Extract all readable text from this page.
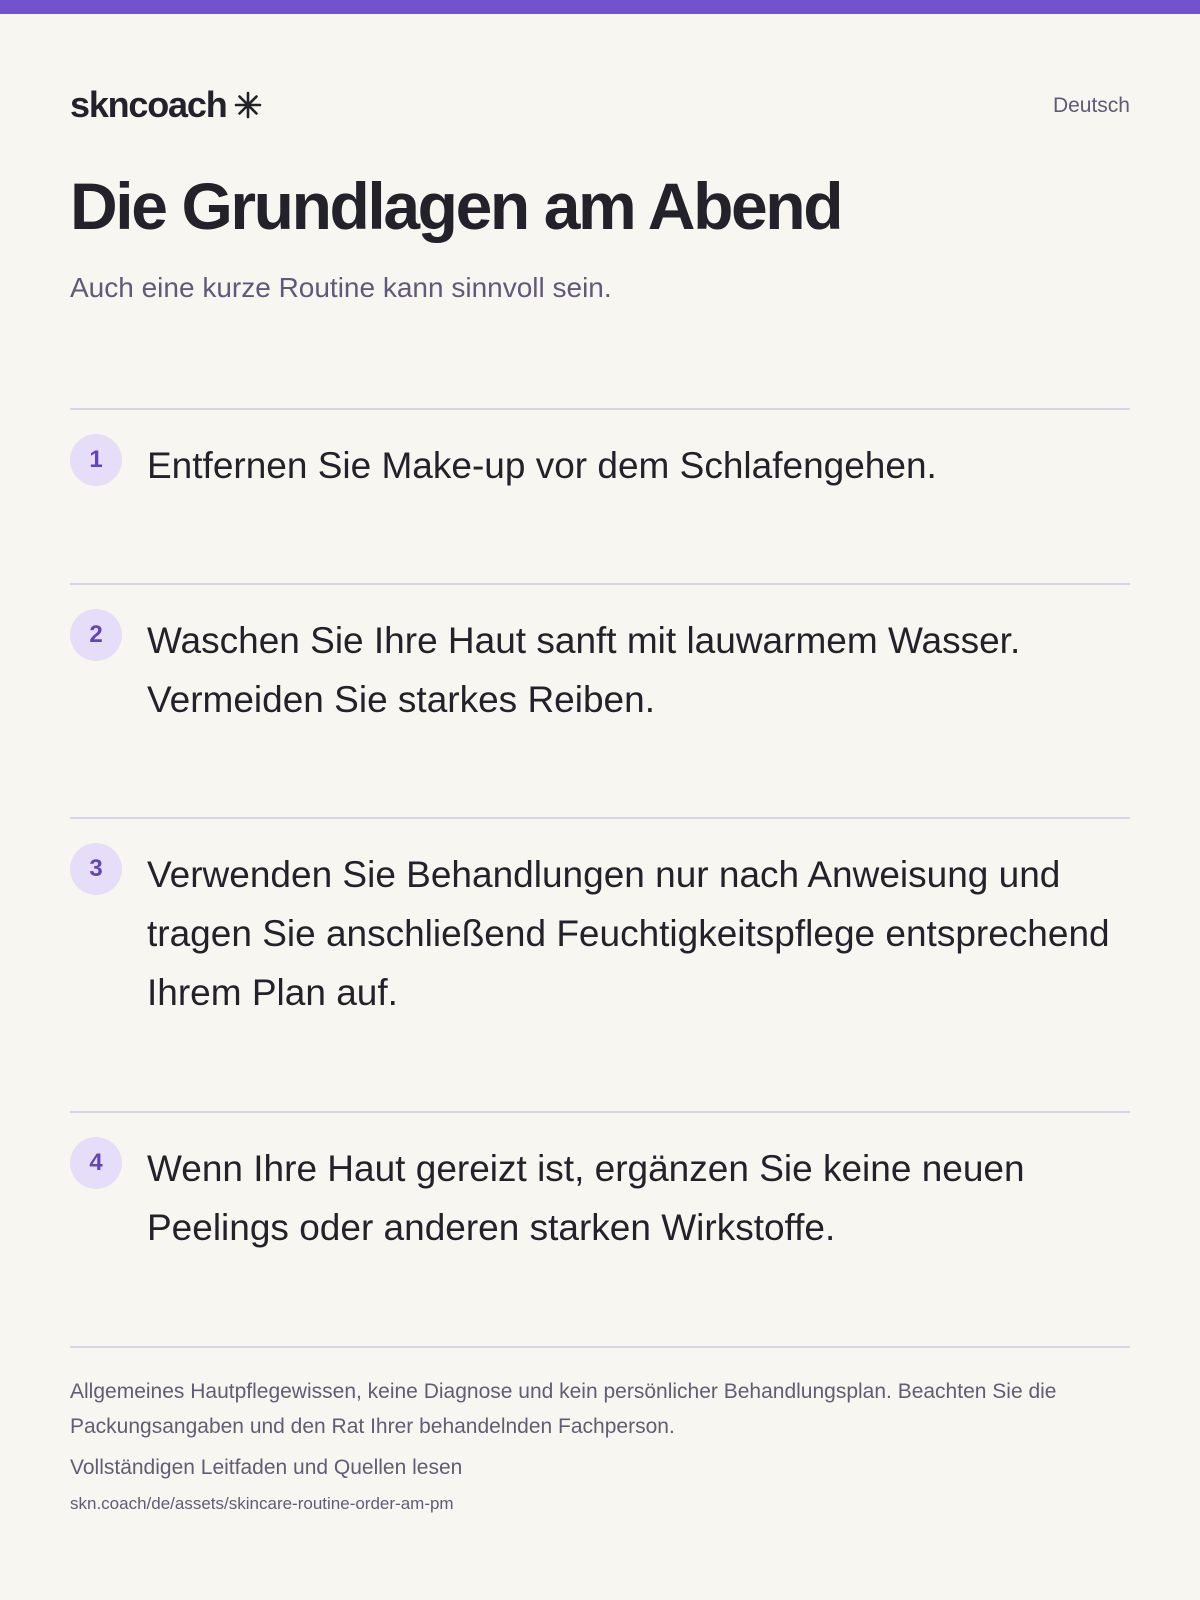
skncoach	Deutsch
Die Grundlagen am Abend

Auch eine kurze Routine kann sinnvoll sein.

1	Entfernen Sie Make-up vor dem Schlafengehen.

2	Waschen Sie Ihre Haut sanft mit lauwarmem Wasser. Vermeiden Sie starkes Reiben.

3	Verwenden Sie Behandlungen nur nach Anweisung und tragen Sie anschließend Feuchtigkeitspflege entsprechend Ihrem Plan auf.

4	Wenn Ihre Haut gereizt ist, ergänzen Sie keine neuen Peelings oder anderen starken Wirkstoffe.

Allgemeines Hautpflegewissen, keine Diagnose und kein persönlicher Behandlungsplan. Beachten Sie die Packungsangaben und den Rat Ihrer behandelnden Fachperson.

Vollständigen Leitfaden und Quellen lesen
skn.coach/de/assets/skincare-routine-order-am-pm
